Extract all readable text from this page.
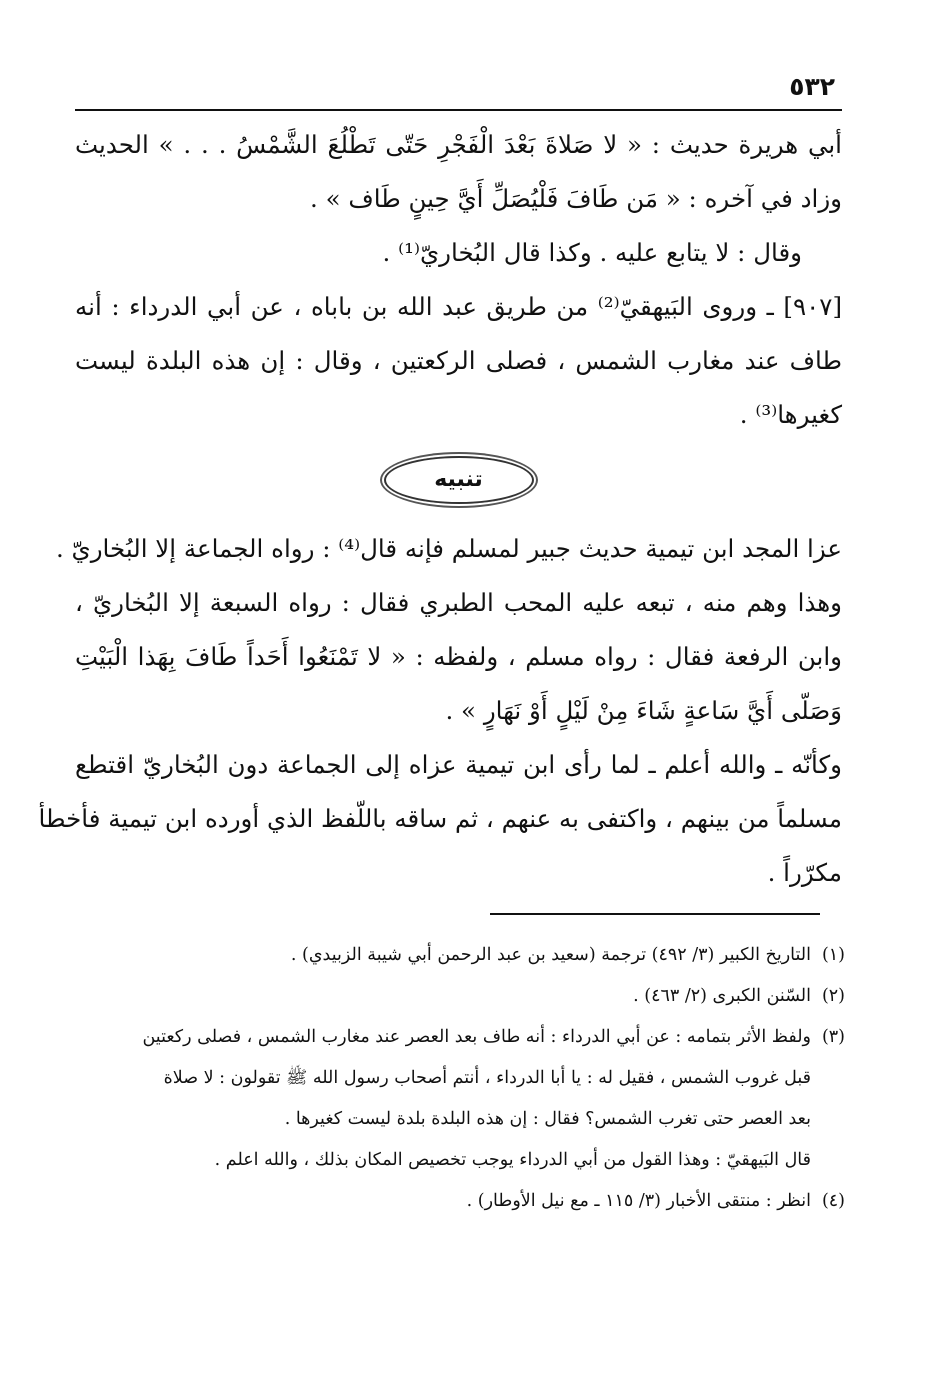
٥٣٢
أبي هريرة حديث : « لا صَلاةَ بَعْدَ الْفَجْرِ حَتّى تَطْلُعَ الشَّمْسُ . . . » الحديث
وزاد في آخره : « مَن طَافَ فَلْيُصَلِّ أَيَّ حِينٍ طَاف » .
وقال : لا يتابع عليه . وكذا قال البُخاريّ⁽¹⁾ .
[٩٠٧] ـ وروى البَيهقيّ⁽²⁾ من طريق عبد الله بن باباه ، عن أبي الدرداء : أنه
طاف عند مغارب الشمس ، فصلى الركعتين ، وقال : إن هذه البلدة ليست
كغيرها⁽³⁾ .
تنبيه
عزا المجد ابن تيمية حديث جبير لمسلم فإنه قال⁽⁴⁾ : رواه الجماعة إلا البُخاريّ .
وهذا وهم منه ، تبعه عليه المحب الطبري فقال : رواه السبعة إلا البُخاريّ ،
وابن الرفعة فقال : رواه مسلم ، ولفظه : « لا تَمْنَعُوا أَحَداً طَافَ بِهَذا الْبَيْتِ
وَصَلّى أَيَّ سَاعةٍ شَاءَ مِنْ لَيْلٍ أَوْ نَهَارٍ » .
وكأنّه ـ والله أعلم ـ لما رأى ابن تيمية عزاه إلى الجماعة دون البُخاريّ اقتطع
مسلماً من بينهم ، واكتفى به عنهم ، ثم ساقه باللّفظ الذي أورده ابن تيمية فأخطأ
مكرّراً .
(١)التاريخ الكبير (٣/ ٤٩٢) ترجمة (سعيد بن عبد الرحمن أبي شيبة الزبيدي) .
(٢)السّنن الكبرى (٢/ ٤٦٣) .
(٣)ولفظ الأثر بتمامه : عن أبي الدرداء : أنه طاف بعد العصر عند مغارب الشمس ، فصلى ركعتين
قبل غروب الشمس ، فقيل له : يا أبا الدرداء ، أنتم أصحاب رسول الله ﷺ تقولون : لا صلاة
بعد العصر حتى تغرب الشمس؟ فقال : إن هذه البلدة بلدة ليست كغيرها .
قال البَيهقيّ : وهذا القول من أبي الدرداء يوجب تخصيص المكان بذلك ، والله اعلم .
(٤)انظر : منتقى الأخبار (٣/ ١١٥ ـ مع نيل الأوطار) .
